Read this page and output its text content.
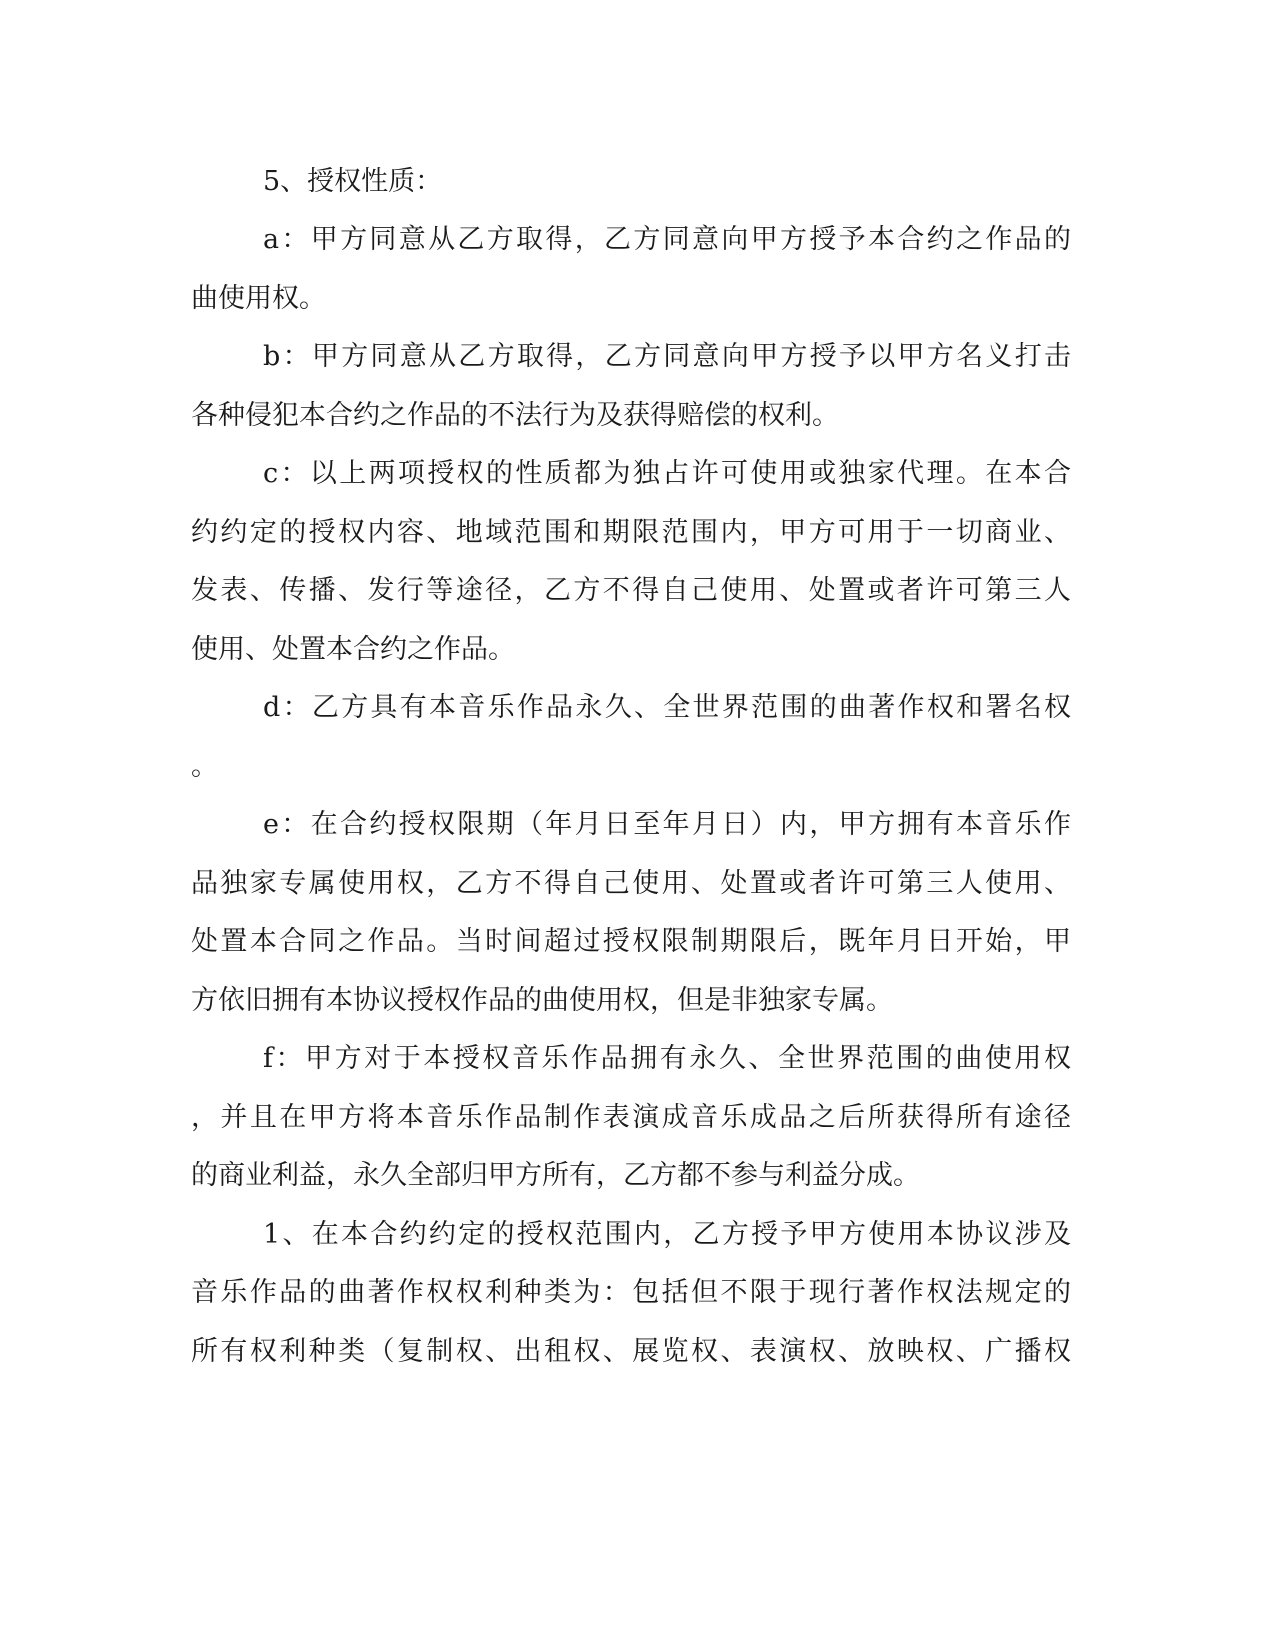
5、授权性质：
a：甲方同意从乙方取得，乙方同意向甲方授予本合约之作品的
曲使用权。
b：甲方同意从乙方取得，乙方同意向甲方授予以甲方名义打击
各种侵犯本合约之作品的不法行为及获得赔偿的权利。
c：以上两项授权的性质都为独占许可使用或独家代理。在本合
约约定的授权内容、地域范围和期限范围内，甲方可用于一切商业、
发表、传播、发行等途径，乙方不得自己使用、处置或者许可第三人
使用、处置本合约之作品。
d：乙方具有本音乐作品永久、全世界范围的曲著作权和署名权
。
e：在合约授权限期（年月日至年月日）内，甲方拥有本音乐作
品独家专属使用权，乙方不得自己使用、处置或者许可第三人使用、
处置本合同之作品。当时间超过授权限制期限后，既年月日开始，甲
方依旧拥有本协议授权作品的曲使用权，但是非独家专属。
f：甲方对于本授权音乐作品拥有永久、全世界范围的曲使用权
，并且在甲方将本音乐作品制作表演成音乐成品之后所获得所有途径
的商业利益，永久全部归甲方所有，乙方都不参与利益分成。
1、在本合约约定的授权范围内，乙方授予甲方使用本协议涉及
音乐作品的曲著作权权利种类为：包括但不限于现行著作权法规定的
所有权利种类（复制权、出租权、展览权、表演权、放映权、广播权
